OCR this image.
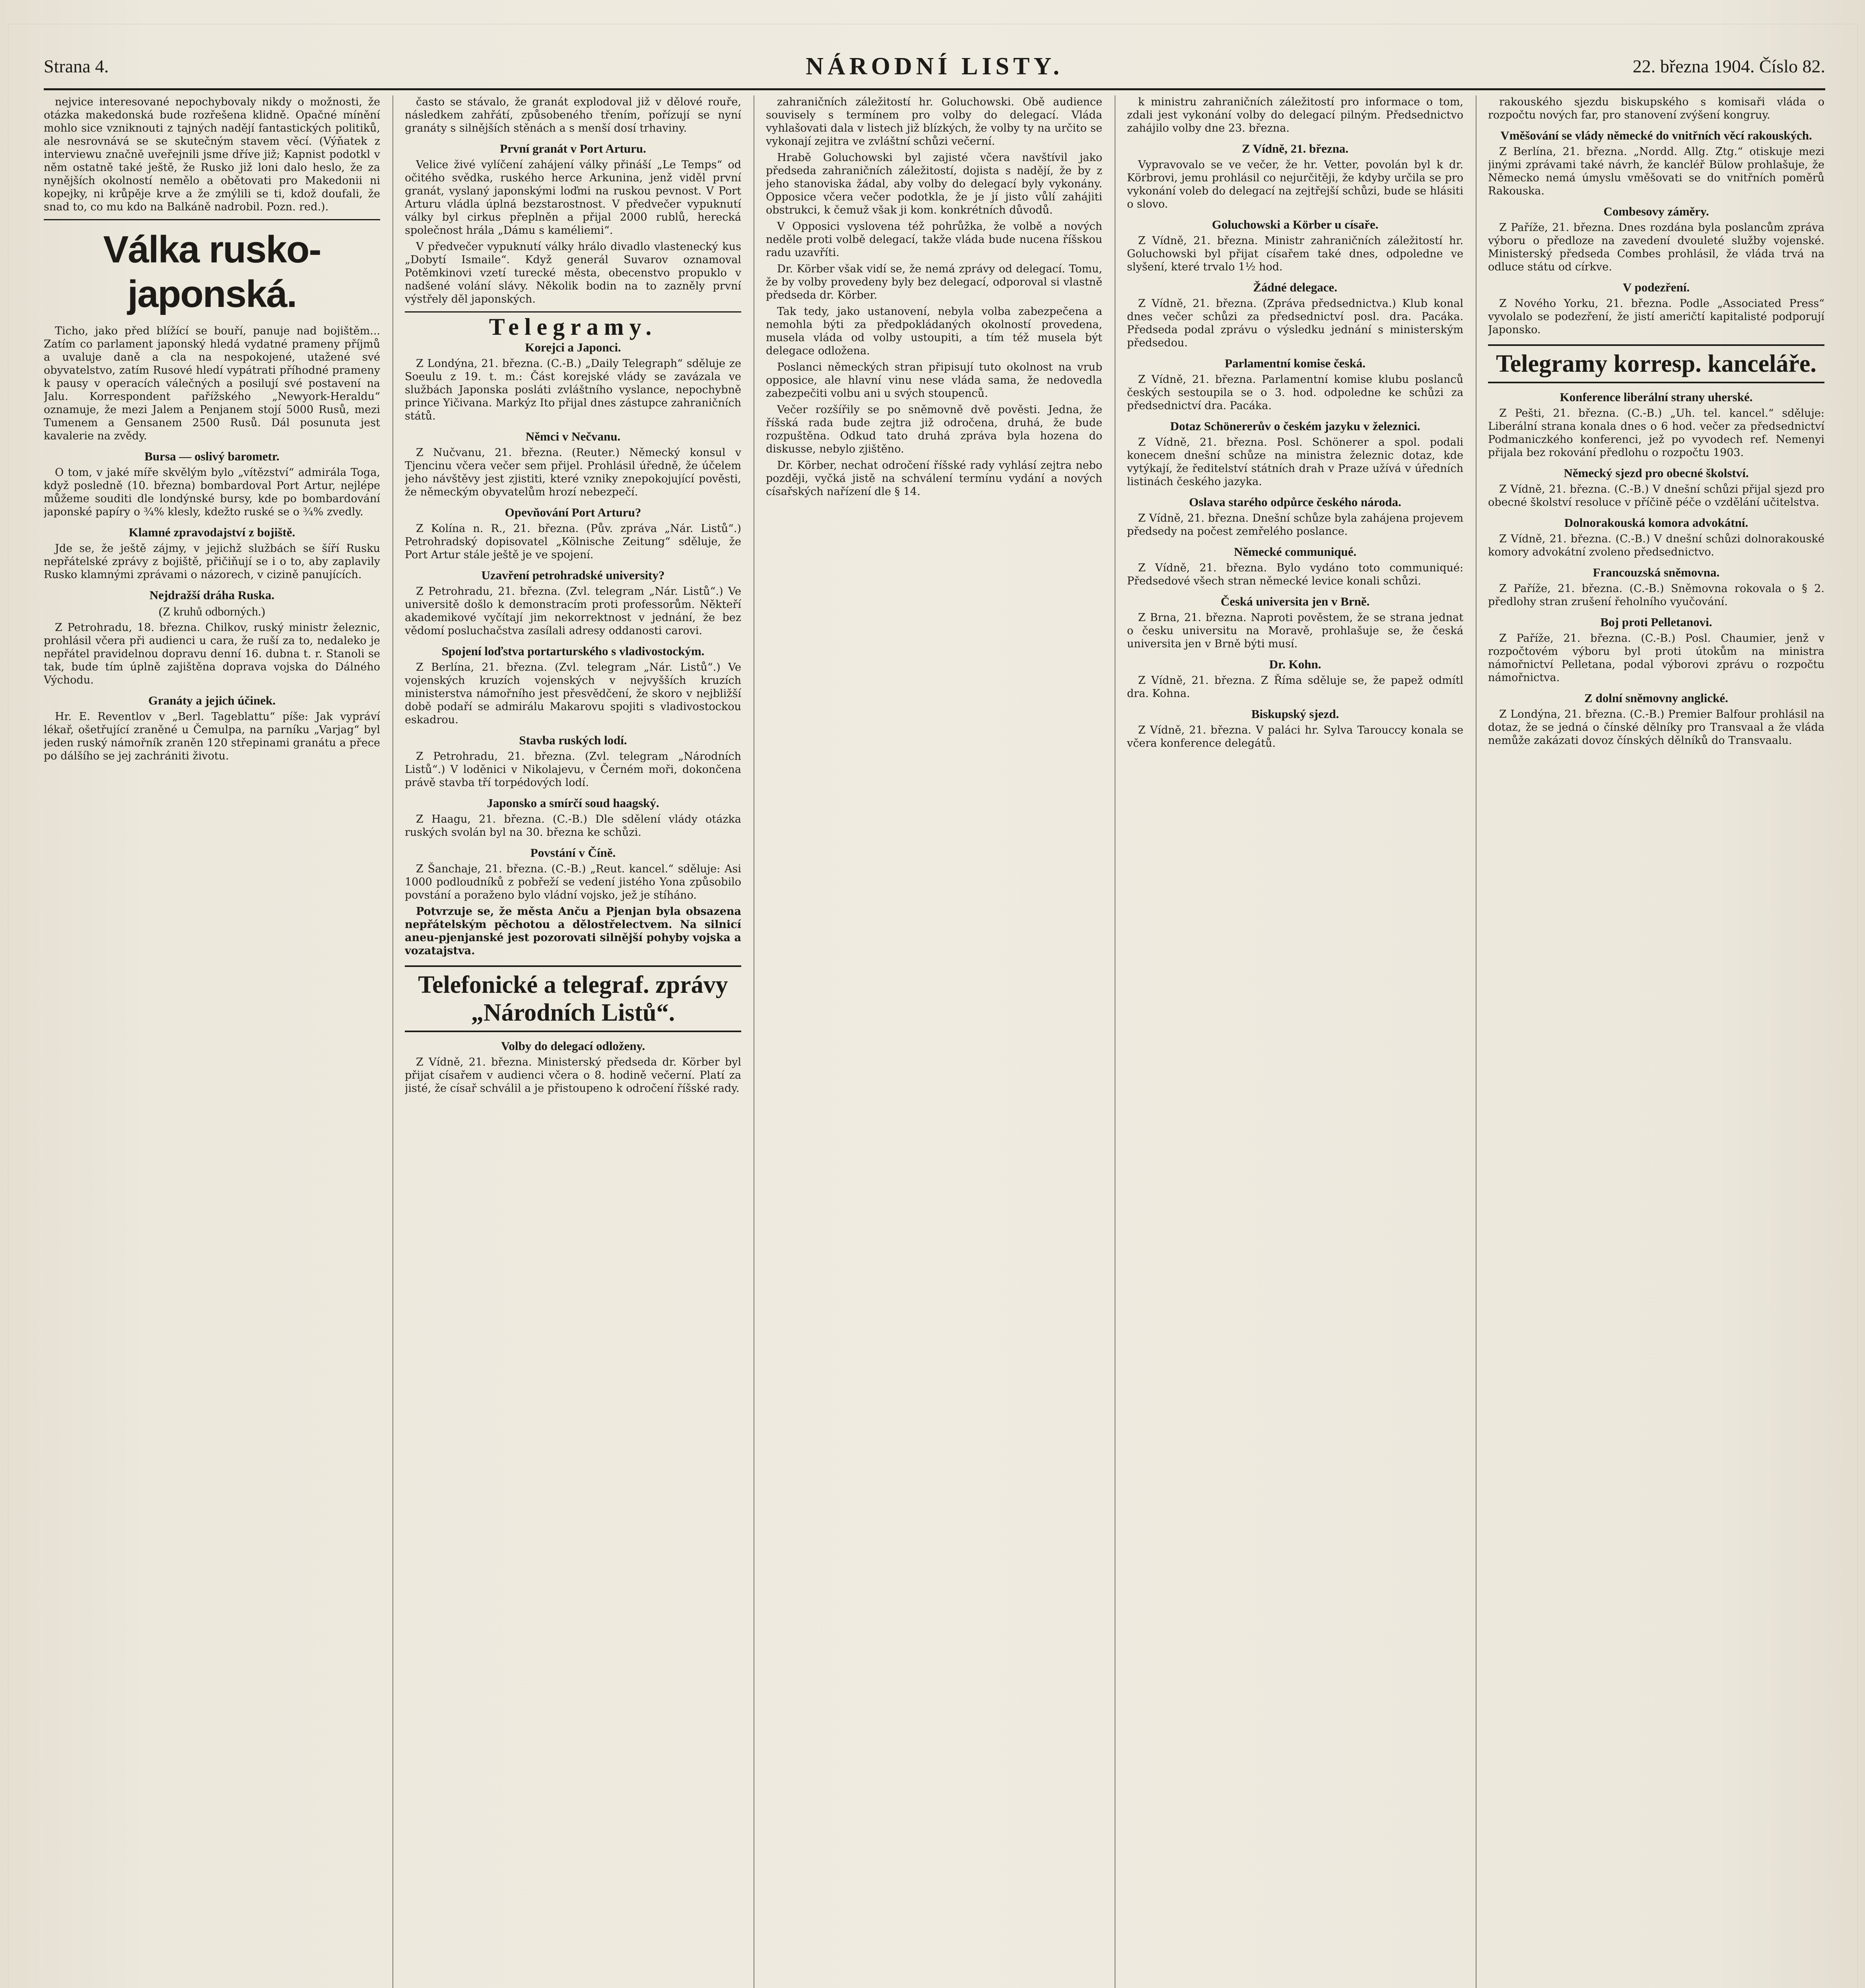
Strana 4.	NÁRODNÍ LISTY.	22. března 1904. Číslo 82.

nejvice interesované nepochybovaly nikdy o možnosti, že otázka makedonská bude rozřešena klidně. Opačné mínění mohlo sice vzniknouti z tajných nadějí fantastických politiků, ale nesrovnává se se skutečným stavem věcí. (Výňatek z interviewu značně uveřejnili jsme dříve již; Kapnist podotkl v něm ostatně také ještě, že Rusko již loni dalo heslo, že za nynějších okolností nemělo a obětovati pro Makedonii ni kopejky, ni krůpěje krve a že zmýlili se ti, kdož doufali, že snad to, co mu kdo na Balkáně nadrobil. Pozn. red.).

Válka rusko-japonská.

Ticho, jako před blížící se bouří, panuje nad bojištěm... Zatím co parlament japonský hledá vydatné prameny příjmů a uvaluje daně a cla na nespokojené, utažené své obyvatelstvo, zatím Rusové hledí vypátrati příhodné prameny k pausy v operacích válečných a posilují své postavení na Jalu. Korrespondent pařížského „Newyork-Heraldu“ oznamuje, že mezi Jalem a Penjanem stojí 5000 Rusů, mezi Tumenem a Gensanem 2500 Rusů. Dál posunuta jest kavalerie na zvědy.

Bursa — oslivý barometr.

O tom, v jaké míře skvělým bylo „vítězství“ admirála Toga, když posledně (10. března) bombardoval Port Artur, nejlépe můžeme souditi dle londýnské bursy, kde po bombardování japonské papíry o ¾% klesly, kdežto ruské se o ¾% zvedly.

Klamné zpravodajství z bojiště.

Jde se, že ještě zájmy, v jejichž službách se šíří Rusku nepřátelské zprávy z bojiště, přičiňují se i o to, aby zaplavily Rusko klamnými zprávami o názorech, v cizině panujících.

Nejdražší dráha Ruska.
(Z kruhů odborných.)

Z Petrohradu, 18. března. Chilkov, ruský ministr železnic, prohlásil včera při audienci u cara, že ruší za to, nedaleko je nepřátel pravidelnou dopravu denní 16. dubna t. r. Stanoli se tak, bude tím úplně zajištěna doprava vojska do Dálného Východu.

Granáty a jejich účinek.

Hr. E. Reventlov v „Berl. Tageblattu“ píše: Jak vypráví lékař, ošetřující zraněné u Čemulpa, na parníku „Varjag“ byl jeden ruský námořník zraněn 120 střepinami granátu a přece po dálšího se jej zachrániti životu.

často se stávalo, že granát explodoval již v dělové rouře, následkem zahřátí, způsobeného třením, pořízují se nyní granáty s silnějších stěnách a s menší dosí trhaviny.

První granát v Port Arturu.

Velice živé vylíčení zahájení války přináší „Le Temps“ od očitého svědka, ruského herce Arkunina, jenž viděl první granát, vyslaný japonskými loďmi na ruskou pevnost. V Port Arturu vládla úplná bezstarostnost. V předvečer vypuknutí války byl cirkus přeplněn a přijal 2000 rublů, herecká společnost hrála „Dámu s kaméliemi“.

V předvečer vypuknutí války hrálo divadlo vlastenecký kus „Dobytí Ismaile“. Když generál Suvarov oznamoval Potěmkinovi vzetí turecké města, obecenstvo propuklo v nadšené volání slávy. Několik bodin na to zazněly první výstřely děl japonských.

Telegramy.
Korejci a Japonci.

Z Londýna, 21. března. (C.-B.) „Daily Telegraph“ sděluje ze Soeulu z 19. t. m.: Část korejské vlády se zavázala ve službách Japonska posláti zvláštního vyslance, nepochybně prince Yičivana. Markýz Ito přijal dnes zástupce zahraničních států.

Němci v Nečvanu.

Z Nučvanu, 21. března. (Reuter.) Německý konsul v Tjencinu včera večer sem přijel. Prohlásil úředně, že účelem jeho návštěvy jest zjistiti, které vzniky znepokojující pověsti, že německým obyvatelům hrozí nebezpečí.

Opevňování Port Arturu?

Z Kolína n. R., 21. března. (Pův. zpráva „Nár. Listů“.) Petrohradský dopisovatel „Kölnische Zeitung“ sděluje, že Port Artur stále ještě je ve spojení.

Uzavření petrohradské university?

Z Petrohradu, 21. března. (Zvl. telegram „Nár. Listů“.) Ve universitě došlo k demonstracím proti professorům. Někteří akademikové vyčítají jim nekorrektnost v jednání, že bez vědomí posluchačstva zasílali adresy oddanosti carovi.

Spojení loďstva portarturského s vladivostockým.

Z Berlína, 21. března. (Zvl. telegram „Nár. Listů“.) Ve vojenských kruzích vojenských v nejvyšších kruzích ministerstva námořního jest přesvědčení, že skoro v nejbližší době podaří se admirálu Makarovu spojiti s vladivostockou eskadrou.

Stavba ruských lodí.

Z Petrohradu, 21. března. (Zvl. telegram „Národních Listů“.) V loděnici v Nikolajevu, v Černém moři, dokončena právě stavba tří torpédových lodí.

Japonsko a smírčí soud haagský.

Z Haagu, 21. března. (C.-B.) Dle sdělení vlády otázka ruských svolán byl na 30. března ke schůzi.

Povstání v Číně.

Z Šanchaje, 21. března. (C.-B.) „Reut. kancel.“ sděluje: Asi 1000 podloudníků z pobřeží se vedení jistého Yona způsobilo povstání a poraženo bylo vládní vojsko, jež je stíháno.

Potvrzuje se, že města Anču a Pjenjan byla obsazena nepřátelským pěchotou a dělostřelectvem. Na silnicí aneu-pjenjanské jest pozorovati silnější pohyby vojska a vozatajstva.

Telefonické a telegraf. zprávy „Národních Listů“.
Volby do delegací odloženy.

Z Vídně, 21. března. Ministerský předseda dr. Körber byl přijat císařem v audienci včera o 8. hodině večerní. Platí za jisté, že císař schválil a je přistoupeno k odročení říšské rady.

zahraničních záležitostí hr. Goluchowski. Obě audience souvisely s termínem pro volby do delegací. Vláda vyhlašovati dala v listech již blízkých, že volby ty na určito se vykonají zejitra ve zvláštní schůzi večerní.

Hrabě Goluchowski byl zajisté včera navštívil jako předseda zahraničních záležitostí, dojista s nadějí, že by z jeho stanoviska žádal, aby volby do delegací byly vykonány. Opposice včera večer podotkla, že je jí jisto vůlí zahájiti obstrukci, k čemuž však ji kom. konkrétních důvodů.

V Opposici vyslovena též pohrůžka, že volbě a nových neděle proti volbě delegací, takže vláda bude nucena říšskou radu uzavříti.

Dr. Körber však vidí se, že nemá zprávy od delegací. Tomu, že by volby provedeny byly bez delegací, odporoval si vlastně předseda dr. Körber.

Tak tedy, jako ustanovení, nebyla volba zabezpečena a nemohla býti za předpokládaných okolností provedena, musela vláda od volby ustoupiti, a tím též musela být delegace odložena.

Poslanci německých stran připisují tuto okolnost na vrub opposice, ale hlavní vinu nese vláda sama, že nedovedla zabezpečiti volbu ani u svých stoupenců.

Večer rozšířily se po sněmovně dvě pověsti. Jedna, že říšská rada bude zejtra již odročena, druhá, že bude rozpuštěna. Odkud tato druhá zpráva byla hozena do diskusse, nebylo zjištěno.

Dr. Körber, nechat odročení říšské rady vyhlásí zejtra nebo později, vyčká jistě na schválení termínu vydání a nových císařských nařízení dle § 14.

k ministru zahraničních záležitostí pro informace o tom, zdali jest vykonání volby do delegací pilným. Předsednictvo zahájilo volby dne 23. března.

Z Vídně, 21. března.

Vypravovalo se ve večer, že hr. Vetter, povolán byl k dr. Körbrovi, jemu prohlásil co nejurčitěji, že kdyby určila se pro vykonání voleb do delegací na zejtřejší schůzi, bude se hlásiti o slovo.

Goluchowski a Körber u císaře.

Z Vídně, 21. března. Ministr zahraničních záležitostí hr. Goluchowski byl přijat císařem také dnes, odpoledne ve slyšení, které trvalo 1½ hod.

Žádné delegace.

Z Vídně, 21. března. (Zpráva předsednictva.) Klub konal dnes večer schůzi za předsednictví posl. dra. Pacáka. Předseda podal zprávu o výsledku jednání s ministerským předsedou.

Parlamentní komise česká.

Z Vídně, 21. března. Parlamentní komise klubu poslanců českých sestoupila se o 3. hod. odpoledne ke schůzi za předsednictví dra. Pacáka.

Dotaz Schönererův o českém jazyku v železnici.

Z Vídně, 21. března. Posl. Schönerer a spol. podali konecem dnešní schůze na ministra železnic dotaz, kde vytýkají, že ředitelství státních drah v Praze užívá v úředních listinách českého jazyka.

Oslava starého odpůrce českého národa.

Z Vídně, 21. března. Dnešní schůze byla zahájena projevem předsedy na počest zemřelého poslance.

Německé communiqué.

Z Vídně, 21. března. Bylo vydáno toto communiqué: Předsedové všech stran německé levice konali schůzi.

Česká universita jen v Brně.

Z Brna, 21. března. Naproti pověstem, že se strana jednat o česku universitu na Moravě, prohlašuje se, že česká universita jen v Brně býti musí.

Dr. Kohn.

Z Vídně, 21. března. Z Říma sděluje se, že papež odmítl dra. Kohna.

Biskupský sjezd.

Z Vídně, 21. března. V paláci hr. Sylva Tarouccy konala se včera konference delegátů.

rakouského sjezdu biskupského s komisaři vláda o rozpočtu nových far, pro stanovení zvýšení kongruy.

Vměšování se vlády německé do vnitřních věcí rakouských.

Z Berlína, 21. března. „Nordd. Allg. Ztg.“ otiskuje mezi jinými zprávami také návrh, že kancléř Bülow prohlašuje, že Německo nemá úmyslu vměšovati se do vnitřních poměrů Rakouska.

Combesovy záměry.

Z Paříže, 21. března. Dnes rozdána byla poslancům zpráva výboru o předloze na zavedení dvouleté služby vojenské. Ministerský předseda Combes prohlásil, že vláda trvá na odluce státu od církve.

V podezření.

Z Nového Yorku, 21. března. Podle „Associated Press“ vyvolalo se podezření, že jistí američtí kapitalisté podporují Japonsko.

Telegramy korresp. kanceláře.
Konference liberální strany uherské.

Z Pešti, 21. března. (C.-B.) „Uh. tel. kancel.“ sděluje: Liberální strana konala dnes o 6 hod. večer za předsednictví Podmaniczkého konferenci, jež po vyvodech ref. Nemenyi přijala bez rokování předlohu o rozpočtu 1903.

Německý sjezd pro obecné školství.

Z Vídně, 21. března. (C.-B.) V dnešní schůzi přijal sjezd pro obecné školství resoluce v příčině péče o vzdělání učitelstva.

Dolnorakouská komora advokátní.

Z Vídně, 21. března. (C.-B.) V dnešní schůzi dolnorakouské komory advokátní zvoleno předsednictvo.

Francouzská sněmovna.

Z Paříže, 21. března. (C.-B.) Sněmovna rokovala o § 2. předlohy stran zrušení řeholního vyučování.

Boj proti Pelletanovi.

Z Paříže, 21. března. (C.-B.) Posl. Chaumier, jenž v rozpočtovém výboru byl proti útokům na ministra námořnictví Pelletana, podal výborovi zprávu o rozpočtu námořnictva.

Z dolní sněmovny anglické.

Z Londýna, 21. března. (C.-B.) Premier Balfour prohlásil na dotaz, že se jedná o čínské dělníky pro Transvaal a že vláda nemůže zakázati dovoz čínských dělníků do Transvaalu.
